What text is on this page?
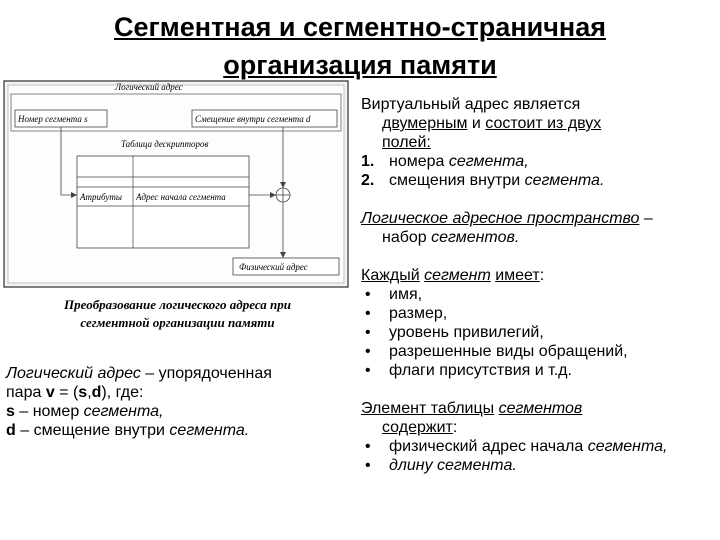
Сегментная и сегментно-страничная
организация памяти
Логический адрес
Номер сегмента s	Смещение внутри сегмента d
Таблица дескрипторов
Атрибуты Адрес начала сегмента
Физический адрес
Преобразование логического адреса при
сегментной организации памяти
Логический адрес – упорядоченная
пара v = (s,d), где:
s – номер сегмента,
d – смещение внутри сегмента.
Виртуальный адрес является
двумерным и состоит из двух
полей:
1. номера сегмента,
2. смещения внутри сегмента.
Логическое адресное пространство –
набор сегментов.
Каждый сегмент имеет:
• имя,
• размер,
• уровень привилегий,
• разрешенные виды обращений,
• флаги присутствия и т.д.
Элемент таблицы сегментов
содержит:
• физический адрес начала сегмента,
• длину сегмента.
